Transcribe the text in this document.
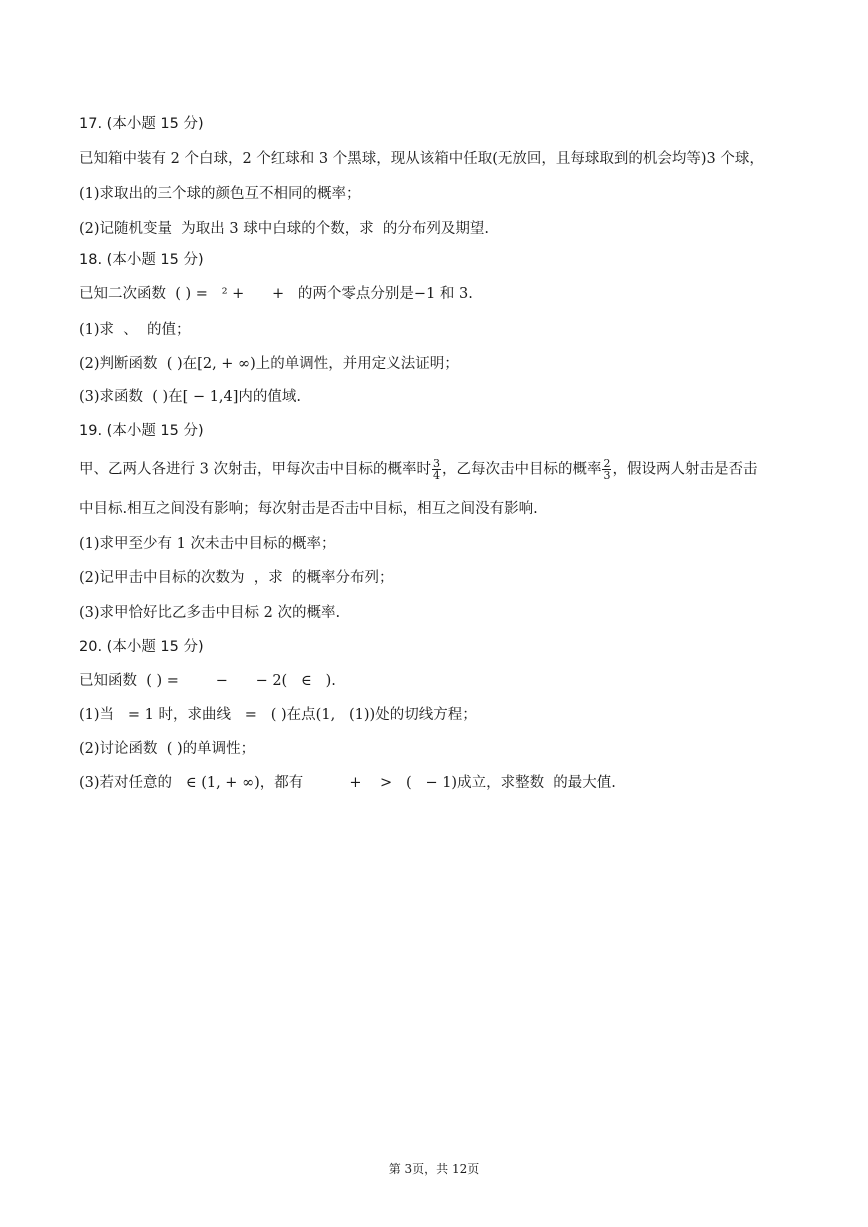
17. (本小题 15 分)
已知箱中装有 2 个白球，2 个红球和 3 个黑球，现从该箱中任取(无放回，且每球取到的机会均等)3 个球，
(1)求取出的三个球的颜色互不相同的概率；
(2)记随机变量  为取出 3 球中白球的个数，求  的分布列及期望.
18. (本小题 15 分)
已知二次函数  ( ) =   ² +      +   的两个零点分别是−1 和 3.
(1)求  、  的值；
(2)判断函数  ( )在[2, + ∞)上的单调性，并用定义法证明；
(3)求函数  ( )在[ − 1,4]内的值域.
19. (本小题 15 分)
甲、乙两人各进行 3 次射击，甲每次击中目标的概率时 $\frac{3}{4}$ ，乙每次击中目标的概率 $\frac{2}{3}$ ，假设两人射击是否击
中目标.相互之间没有影响；每次射击是否击中目标，相互之间没有影响.
(1)求甲至少有 1 次未击中目标的概率；
(2)记甲击中目标的次数为  ，求  的概率分布列；
(3)求甲恰好比乙多击中目标 2 次的概率.
20. (本小题 15 分)
已知函数  ( ) =        −      − 2(   ∈   ).
(1)当   = 1 时，求曲线   =   ( )在点(1,   (1))处的切线方程；
(2)讨论函数  ( )的单调性；
(3)若对任意的   ∈ (1, + ∞)，都有          +    >   (   − 1)成立，求整数  的最大值.
第 3页，共 12页
